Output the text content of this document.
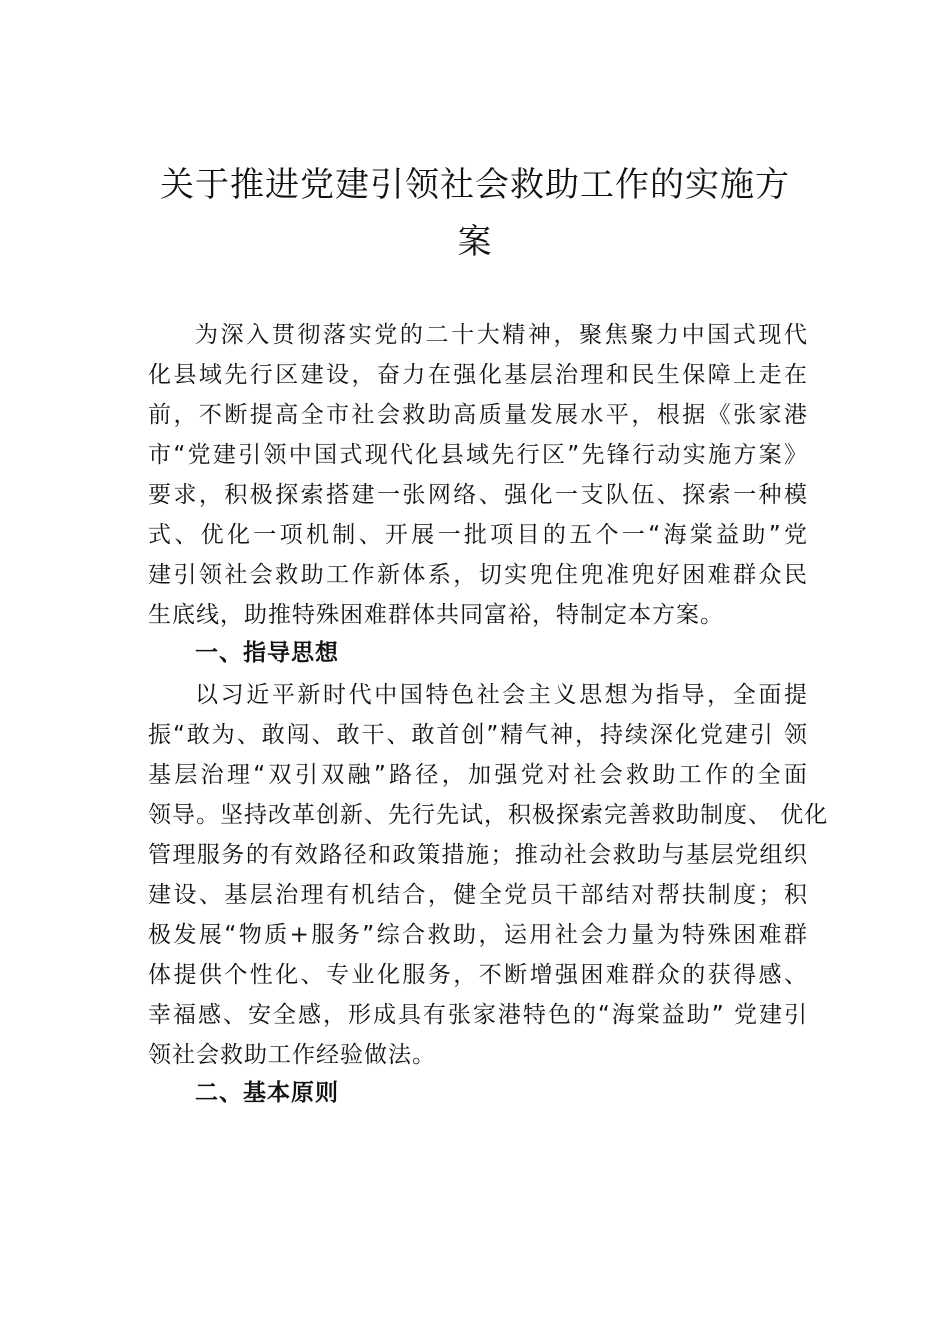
关于推进党建引领社会救助工作的实施方
案
为深入贯彻落实党的二十大精神，聚焦聚力中国式现代
化县域先行区建设，奋力在强化基层治理和民生保障上走在
前，不断提高全市社会救助高质量发展水平，根据《张家港
市“党建引领中国式现代化县域先行区”先锋行动实施方案》
要求，积极探索搭建一张网络、强化一支队伍、探索一种模
式、优化一项机制、开展一批项目的五个一“海棠益助”党
建引领社会救助工作新体系，切实兜住兜准兜好困难群众民
生底线，助推特殊困难群体共同富裕，特制定本方案。
一、指导思想
以习近平新时代中国特色社会主义思想为指导，全面提
振“敢为、敢闯、敢干、敢首创”精气神，持续深化党建引 领
基层治理“双引双融”路径，加强党对社会救助工作的全面
领导。坚持改革创新、先行先试，积极探索完善救助制度、 优化
管理服务的有效路径和政策措施；推动社会救助与基层党组织
建设、基层治理有机结合，健全党员干部结对帮扶制度；积
极发展“物质+服务”综合救助，运用社会力量为特殊困难群
体提供个性化、专业化服务，不断增强困难群众的获得感、
幸福感、安全感，形成具有张家港特色的“海棠益助” 党建引
领社会救助工作经验做法。
二、基本原则
